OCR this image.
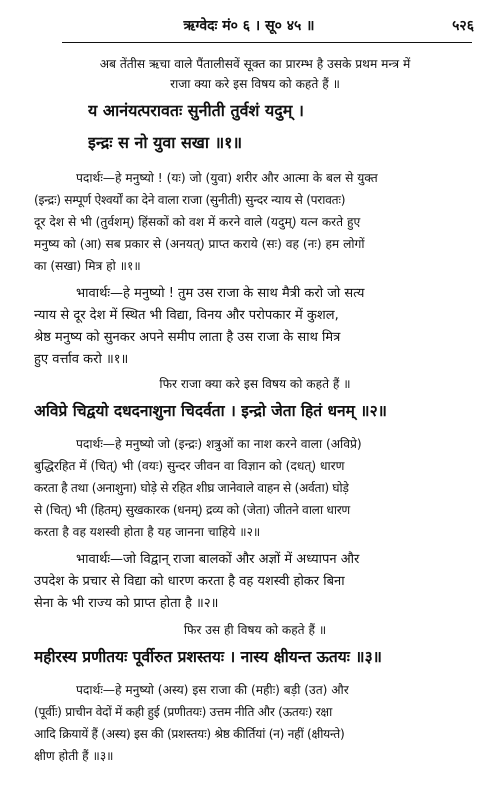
ऋग्वेदः मं० ६ । सू० ४५ ॥	५२६
अब तेंतीस ऋचा वाले पैंतालीसवें सूक्त का प्रारम्भ है उसके प्रथम मन्त्र में
राजा क्या करे इस विषय को कहते हैं ॥
य आनंयत्परावतः सुनीती तुर्वशं यदुम् ।
इन्द्रः स नो युवा सखा ॥१॥
पदार्थः—हे मनुष्यो ! (यः) जो (युवा) शरीर और आत्मा के बल से युक्त
(इन्द्रः) सम्पूर्ण ऐश्वर्यों का देने वाला राजा (सुनीती) सुन्दर न्याय से (परावतः)
दूर देश से भी (तुर्वशम्) हिंसकों को वश में करने वाले (यदुम्) यत्न करते हुए
मनुष्य को (आ) सब प्रकार से (अनयत्) प्राप्त कराये (सः) वह (नः) हम लोगों
का (सखा) मित्र हो ॥१॥
भावार्थः—हे मनुष्यो ! तुम उस राजा के साथ मैत्री करो जो सत्य
न्याय से दूर देश में स्थित भी विद्या, विनय और परोपकार में कुशल,
श्रेष्ठ मनुष्य को सुनकर अपने समीप लाता है उस राजा के साथ मित्र
हुए वर्त्ताव करो ॥१॥
फिर राजा क्या करे इस विषय को कहते हैं ॥
अविप्रे चिद्वयो दधदनाशुना चिदर्वता । इन्द्रो जेता हितं धनम् ॥२॥
पदार्थः—हे मनुष्यो जो (इन्द्रः) शत्रुओं का नाश करने वाला (अविप्रे)
बुद्धिरहित में (चित्) भी (वयः) सुन्दर जीवन वा विज्ञान को (दधत्) धारण
करता है तथा (अनाशुना) घोड़े से रहित शीघ्र जानेवाले वाहन से (अर्वता) घोड़े
से (चित्) भी (हितम्) सुखकारक (धनम्) द्रव्य को (जेता) जीतने वाला धारण
करता है वह यशस्वी होता है यह जानना चाहिये ॥२॥
भावार्थः—जो विद्वान् राजा बालकों और अज्ञों में अध्यापन और
उपदेश के प्रचार से विद्या को धारण करता है वह यशस्वी होकर बिना
सेना के भी राज्य को प्राप्त होता है ॥२॥
फिर उस ही विषय को कहते हैं ॥
महीरस्य प्रणीतयः पूर्वीरुत प्रशस्तयः । नास्य क्षीयन्त ऊतयः ॥३॥
पदार्थः—हे मनुष्यो (अस्य) इस राजा की (महीः) बड़ी (उत) और
(पूर्वीः) प्राचीन वेदों में कही हुई (प्रणीतयः) उत्तम नीति और (ऊतयः) रक्षा
आदि क्रियायें हैं (अस्य) इस की (प्रशस्तयः) श्रेष्ठ कीर्तियां (न) नहीं (क्षीयन्ते)
क्षीण होती हैं ॥३॥
